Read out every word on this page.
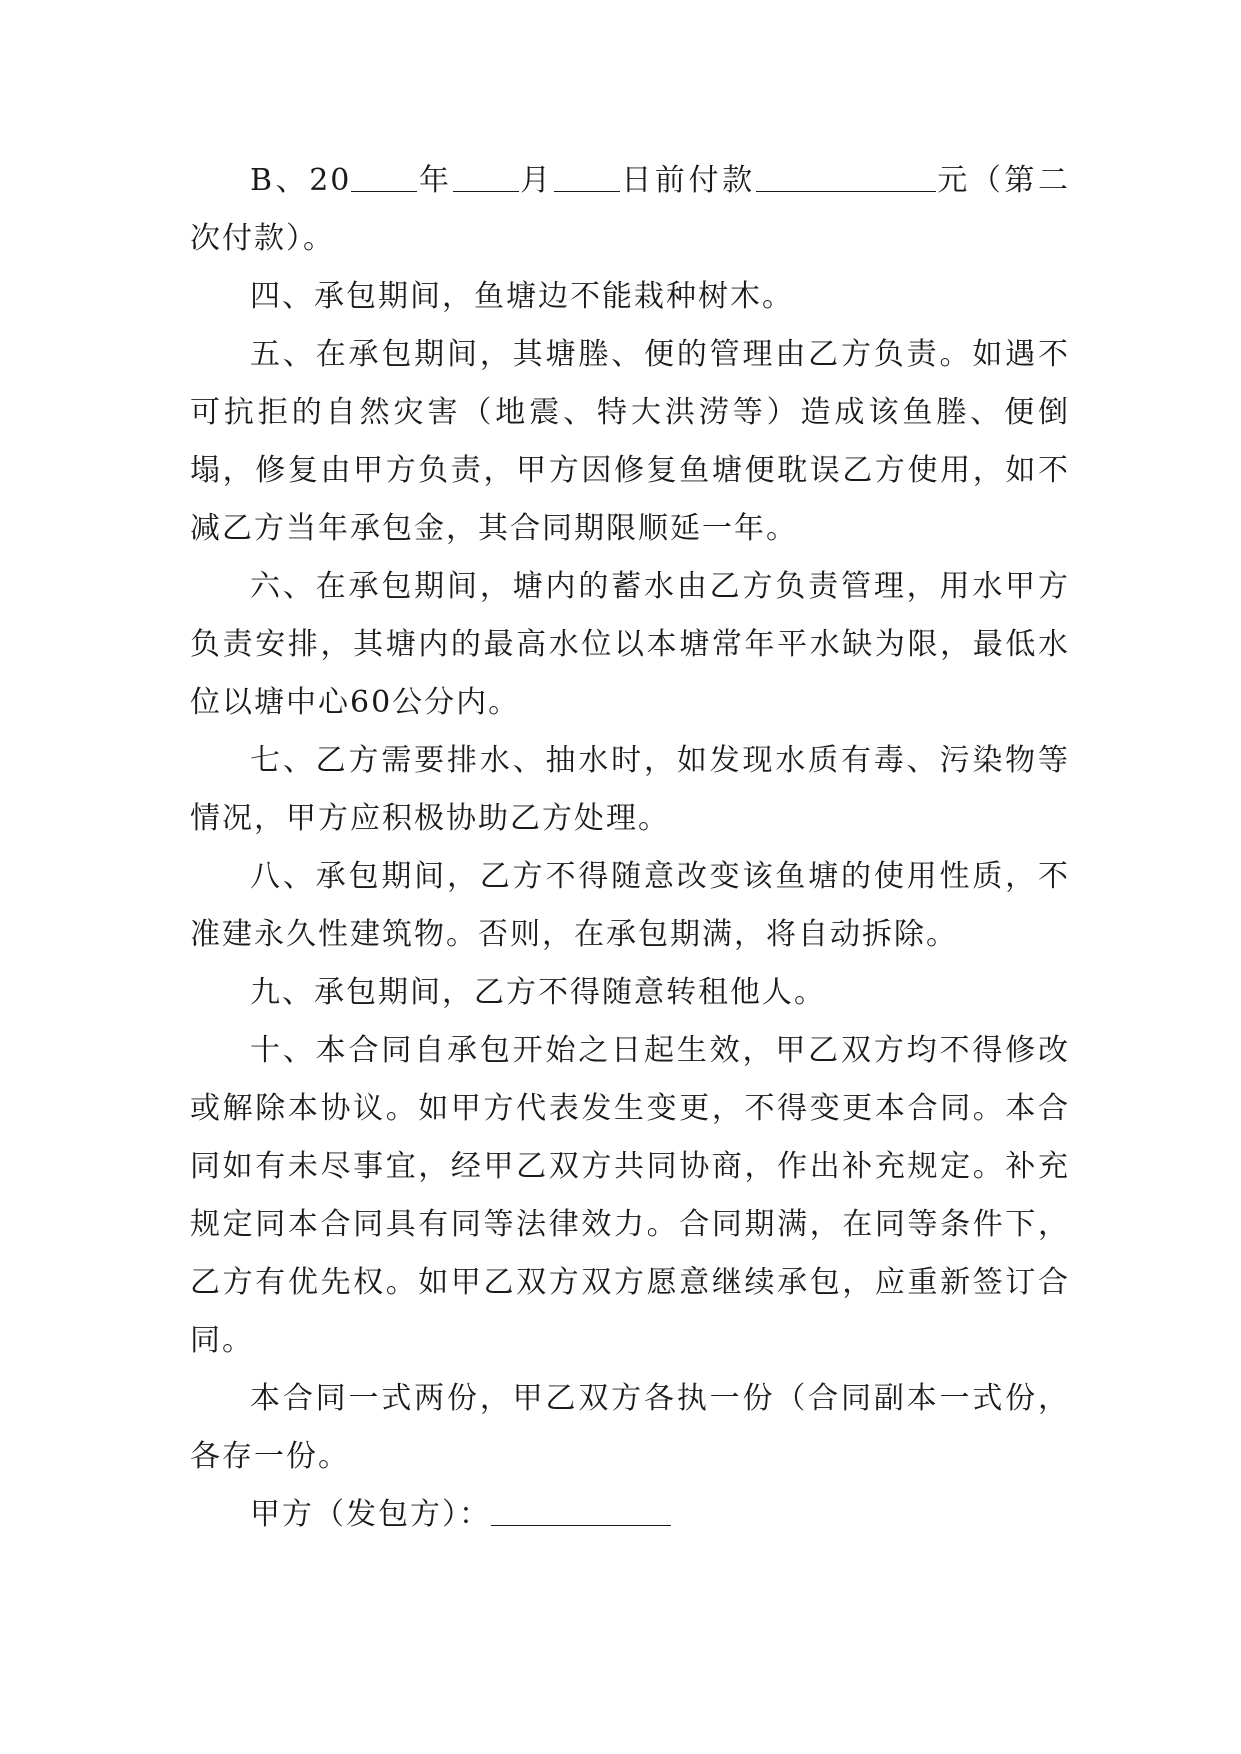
B、20 年 月 日前付款	元（第二次付款）。

四、承包期间，鱼塘边不能栽种树木。

五、在承包期间，其塘塍、便的管理由乙方负责。如遇不可抗拒的自然灾害（地震、特大洪涝等）造成该鱼塍、便倒塌，修复由甲方负责，甲方因修复鱼塘便耽误乙方使用，如不减乙方当年承包金，其合同期限顺延一年。

六、在承包期间，塘内的蓄水由乙方负责管理，用水甲方负责安排，其塘内的最高水位以本塘常年平水缺为限，最低水位以塘中心60公分内。

七、乙方需要排水、抽水时，如发现水质有毒、污染物等情况，甲方应积极协助乙方处理。

八、承包期间，乙方不得随意改变该鱼塘的使用性质，不准建永久性建筑物。否则，在承包期满，将自动拆除。

九、承包期间，乙方不得随意转租他人。

十、本合同自承包开始之日起生效，甲乙双方均不得修改或解除本协议。如甲方代表发生变更，不得变更本合同。本合同如有未尽事宜，经甲乙双方共同协商，作出补充规定。补充规定同本合同具有同等法律效力。合同期满，在同等条件下，乙方有优先权。如甲乙双方双方愿意继续承包，应重新签订合同。

本合同一式两份，甲乙双方各执一份（合同副本一式份，各存一份。

甲方（发包方）：
